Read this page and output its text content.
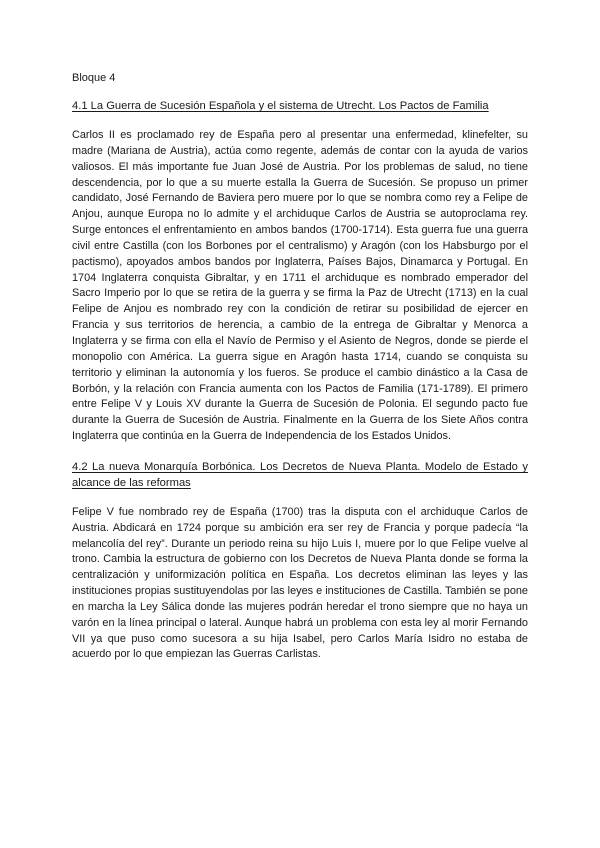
Bloque 4

4.1 La Guerra de Sucesión Española y el sistema de Utrecht. Los Pactos de Familia

Carlos II es proclamado rey de España pero al presentar una enfermedad, klinefelter, su madre (Mariana de Austria), actúa como regente, además de contar con la ayuda de varios valiosos. El más importante fue Juan José de Austria. Por los problemas de salud, no tiene descendencia, por lo que a su muerte estalla la Guerra de Sucesión. Se propuso un primer candidato, José Fernando de Baviera pero muere por lo que se nombra como rey a Felipe de Anjou, aunque Europa no lo admite y el archiduque Carlos de Austria se autoproclama rey. Surge entonces el enfrentamiento en ambos bandos (1700-1714). Esta guerra fue una guerra civil entre Castilla (con los Borbones por el centralismo) y Aragón (con los Habsburgo por el pactismo), apoyados ambos bandos por Inglaterra, Países Bajos, Dinamarca y Portugal. En 1704 Inglaterra conquista Gibraltar, y en 1711 el archiduque es nombrado emperador del Sacro Imperio por lo que se retira de la guerra y se firma la Paz de Utrecht (1713) en la cual Felipe de Anjou es nombrado rey con la condición de retirar su posibilidad de ejercer en Francia y sus territorios de herencia, a cambio de la entrega de Gibraltar y Menorca a Inglaterra y se firma con ella el Navío de Permiso y el Asiento de Negros, donde se pierde el monopolio con América. La guerra sigue en Aragón hasta 1714, cuando se conquista su territorio y eliminan la autonomía y los fueros. Se produce el cambio dinástico a la Casa de Borbón, y la relación con Francia aumenta con los Pactos de Familia (171-1789). El primero entre Felipe V y Louis XV durante la Guerra de Sucesión de Polonia. El segundo pacto fue durante la Guerra de Sucesión de Austria. Finalmente en la Guerra de los Siete Años contra Inglaterra que continúa en la Guerra de Independencia de los Estados Unidos.

4.2 La nueva Monarquía Borbónica. Los Decretos de Nueva Planta. Modelo de Estado y alcance de las reformas

Felipe V fue nombrado rey de España (1700) tras la disputa con el archiduque Carlos de Austria. Abdicará en 1724 porque su ambición era ser rey de Francia y porque padecía “la melancolía del rey”. Durante un periodo reina su hijo Luis I, muere por lo que Felipe vuelve al trono. Cambia la estructura de gobierno con los Decretos de Nueva Planta donde se forma la centralización y uniformización política en España. Los decretos eliminan las leyes y las instituciones propias sustituyendolas por las leyes e instituciones de Castilla. También se pone en marcha la Ley Sálica donde las mujeres podrán heredar el trono siempre que no haya un varón en la línea principal o lateral. Aunque habrá un problema con esta ley al morir Fernando VII ya que puso como sucesora a su hija Isabel, pero Carlos María Isidro no estaba de acuerdo por lo que empiezan las Guerras Carlistas.
